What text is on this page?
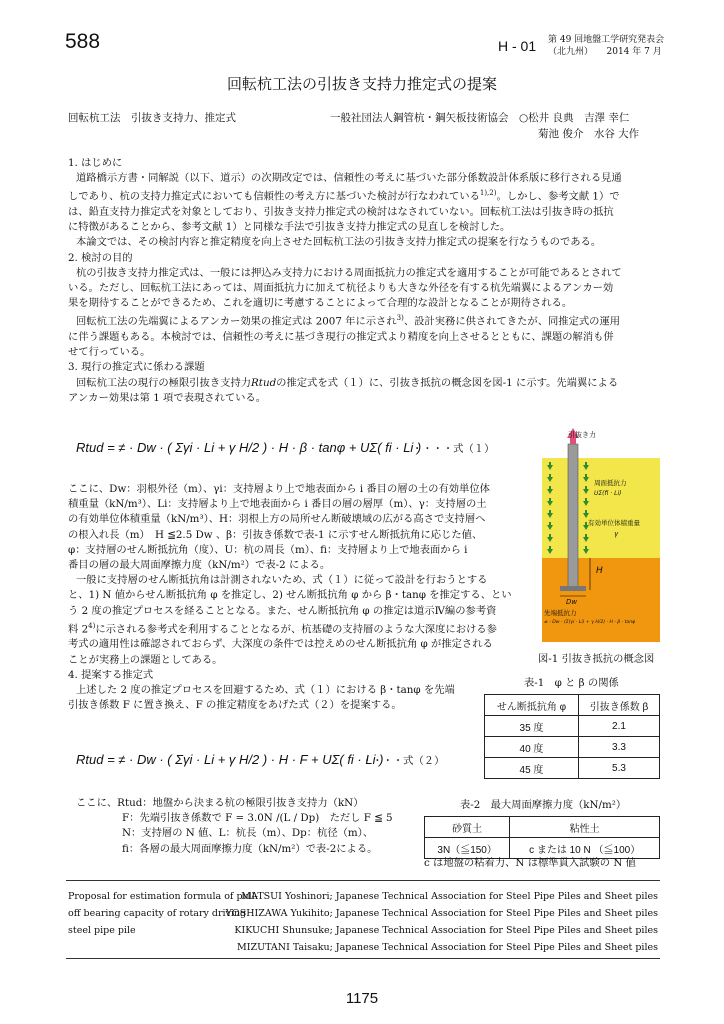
588	H - 01 第 49 回地盤工学研究発表会
（北九州）　　2014 年 7 月
回転杭工法の引抜き支持力推定式の提案
回転杭工法　引抜き支持力、推定式	一般社団法人鋼管杭・鋼矢板技術協会　○松井 良典　吉澤 幸仁
菊池 俊介　水谷 大作
1. はじめに
道路橋示方書・同解説（以下、道示）の次期改定では、信頼性の考えに基づいた部分係数設計体系版に移行される見通
しであり、杭の支持力推定式においても信頼性の考え方に基づいた検討が行なわれている$^{1),2)}$。しかし、参考文献 1）で
は、鉛直支持力推定式を対象としており、引抜き支持力推定式の検討はなされていない。回転杭工法は引抜き時の抵抗
に特徴があることから、参考文献 1）と同様な手法で引抜き支持力推定式の見直しを検討した。
本論文では、その検討内容と推定精度を向上させた回転杭工法の引抜き支持力推定式の提案を行なうものである。
2. 検討の目的
杭の引抜き支持力推定式は、一般には押込み支持力における周面抵抗力の推定式を適用することが可能であるとされて
いる。ただし、回転杭工法にあっては、周面抵抗力に加えて杭径よりも大きな外径を有する杭先端翼によるアンカー効
果を期待することができるため、これを適切に考慮することによって合理的な設計となることが期待される。
回転杭工法の先端翼によるアンカー効果の推定式は 2007 年に示され$^{3)}$、設計実務に供されてきたが、同推定式の運用
に伴う課題もある。本検討では、信頼性の考えに基づき現行の推定式より精度を向上させるとともに、課題の解消も併
せて行っている。
3. 現行の推定式に係わる課題
回転杭工法の現行の極限引抜き支持力Rtudの推定式を式（１）に、引抜き抵抗の概念図を図-1 に示す。先端翼による
アンカー効果は第 1 項で表現されている。
Rtud = ≠ · Dw · ( Σγi · Li + γ H/2 ) · H · β · tanφ + UΣ( fi · Li )
・・・・式（１）
ここに、Dw：羽根外径（m）、γi：支持層より上で地表面から i 番目の層の土の有効単位体
積重量（kN/m³）、Li：支持層より上で地表面から i 番目の層の層厚（m）、γ：支持層の土
の有効単位体積重量（kN/m³）、H：羽根上方の局所せん断破壊域の広がる高さで支持層へ
の根入れ長（m）　H ≦2.5 Dw 、β：引抜き係数で表-1 に示すせん断抵抗角に応じた値、
φ：支持層のせん断抵抗角（度）、U：杭の周長（m）、fi：支持層より上で地表面から i
番目の層の最大周面摩擦力度（kN/m²）で表-2 による。
一般に支持層のせん断抵抗角は計測されないため、式（１）に従って設計を行おうとする
と、1) N 値からせん断抵抗角 φ を推定し、2) せん断抵抗角 φ から β・tanφ を推定する、とい
う 2 度の推定プロセスを経ることとなる。また、せん断抵抗角 φ の推定は道示Ⅳ編の参考資
料 2$^{4)}$に示される参考式を利用することとなるが、杭基礎の支持層のような大深度における参
考式の適用性は確認されておらず、大深度の条件では控えめのせん断抵抗角 φ が推定される
ことが実務上の課題としてある。
4. 提案する推定式
上述した 2 度の推定プロセスを回避するため、式（１）における β・tanφ を先端
引抜き係数 F に置き換え、F の推定精度をあげた式（２）を提案する。
Rtud = ≠ · Dw · ( Σγi · Li + γ H/2 ) · H · F + UΣ( fi · Li )
・・・・式（２）
ここに、Rtud：地盤から決まる杭の極限引抜き支持力（kN）
F：先端引抜き係数で F = 3.0N /(L / Dp)　ただし F ≦ 5
N：支持層の N 値、L：杭長（m）、Dp：杭径（m）、
fi：各層の最大周面摩擦力度（kN/m²）で表-2による。
引抜き力
周面抵抗力
UΣ(fi · Li)
有効単位体積重量
γ
H
Dw
先端抵抗力
≠ · Dw · (Σ(γi · Li) + γ H/2) · H · β · tanφ
図-1 引抜き抵抗の概念図
表-1　φ と β の関係
せん断抵抗角 φ	引抜き係数 β
35 度	2.1
40 度	3.3
45 度	5.3
表-2　最大周面摩擦力度（kN/m²）
砂質土	粘性土
3N（≦150）	c または 10 N （≦100）
c は地盤の粘着力、N は標準貫入試験の N 値
Proposal for estimation formula of pull-
off bearing capacity of rotary driving
steel pipe pile
MATSUI Yoshinori; Japanese Technical Association for Steel Pipe Piles and Sheet piles
YOSHIZAWA Yukihito; Japanese Technical Association for Steel Pipe Piles and Sheet piles
KIKUCHI Shunsuke; Japanese Technical Association for Steel Pipe Piles and Sheet piles
MIZUTANI Taisaku; Japanese Technical Association for Steel Pipe Piles and Sheet piles
1175
